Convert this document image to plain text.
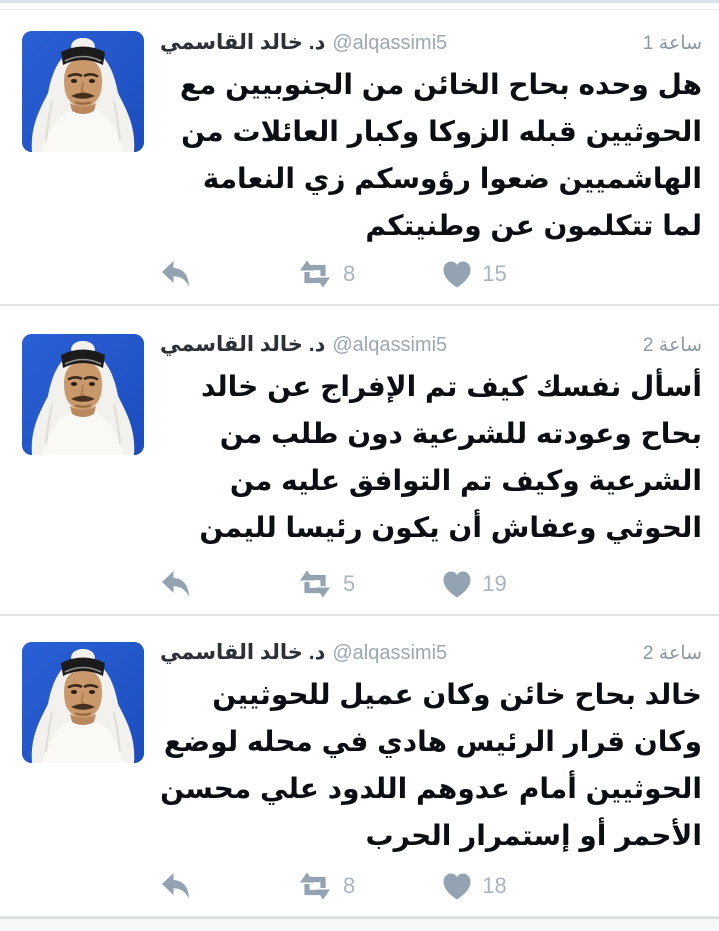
د. خالد القاسمي @alqassimi5	1 ساعة
هل وحده بحاح الخائن من الجنوبيين مع الحوثيين قبله الزوكا وكبار العائلات من الهاشميين ضعوا رؤوسكم زي النعامة لما تتكلمون عن وطنيتكم
8	15
د. خالد القاسمي @alqassimi5	2 ساعة
أسأل نفسك كيف تم الإفراج عن خالد بحاح وعودته للشرعية دون طلب من الشرعية وكيف تم التوافق عليه من الحوثي وعفاش أن يكون رئيسا لليمن
5	19
د. خالد القاسمي @alqassimi5	2 ساعة
خالد بحاح خائن وكان عميل للحوثيين وكان قرار الرئيس هادي في محله لوضع الحوثيين أمام عدوهم اللدود علي محسن الأحمر أو إستمرار الحرب
8	18
